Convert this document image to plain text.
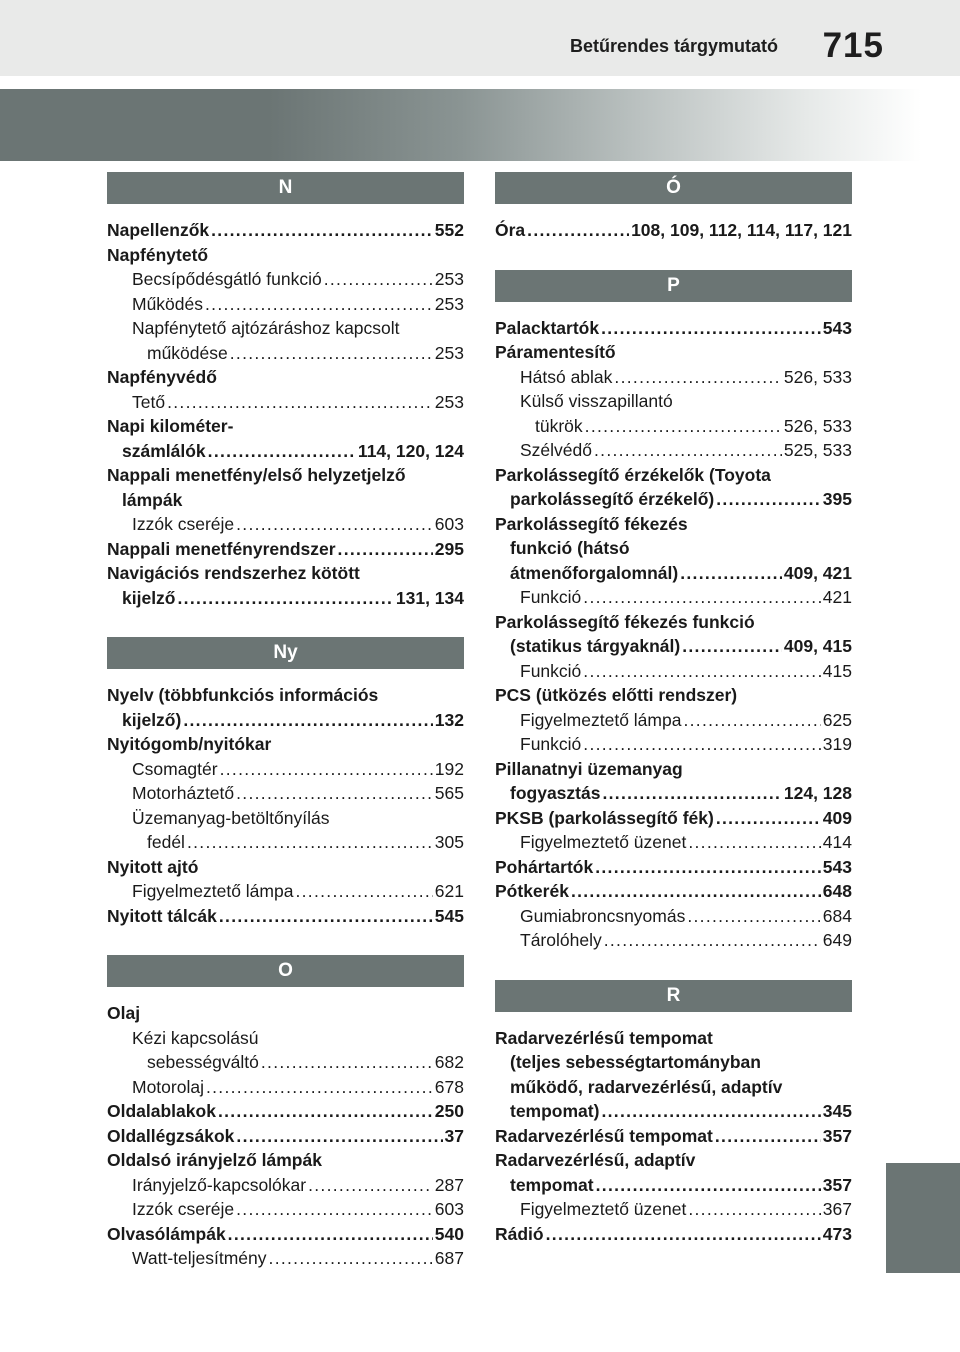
Betűrendes tárgymutató 715
N
Napellenzők .....	552
Napfénytető
Becsípődésgátló funkció .....	253
Működés .....	253
Napfénytető ajtózáráshoz kapcsolt
működése .....	253
Napfényvédő
Tető .....	253
Napi kilométer-
számlálók .....	114, 120, 124
Nappali menetfény/első helyzetjelző
lámpák
Izzók cseréje .....	603
Nappali menetfényrendszer .....	295
Navigációs rendszerhez kötött
kijelző .....	131, 134
Ny
Nyelv (többfunkciós információs
kijelző) .....	132
Nyitógomb/nyitókar
Csomagtér .....	192
Motorháztető .....	565
Üzemanyag-betöltőnyílás
fedél .....	305
Nyitott ajtó
Figyelmeztető lámpa .....	621
Nyitott tálcák .....	545
O
Olaj
Kézi kapcsolású
sebességváltó .....	682
Motorolaj .....	678
Oldalablakok .....	250
Oldallégzsákok .....	37
Oldalsó irányjelző lámpák
Irányjelző-kapcsolókar .....	287
Izzók cseréje .....	603
Olvasólámpák .....	540
Watt-teljesítmény .....	687
Ó
Óra .....	108, 109, 112, 114, 117, 121
P
Palacktartók .....	543
Páramentesítő
Hátsó ablak .....	526, 533
Külső visszapillantó
tükrök .....	526, 533
Szélvédő .....	525, 533
Parkolássegítő érzékelők (Toyota
parkolássegítő érzékelő) .....	395
Parkolássegítő fékezés
funkció (hátsó
átmenőforgalomnál) .....	409, 421
Funkció .....	421
Parkolássegítő fékezés funkció
(statikus tárgyaknál) .....	409, 415
Funkció .....	415
PCS (ütközés előtti rendszer)
Figyelmeztető lámpa .....	625
Funkció .....	319
Pillanatnyi üzemanyag
fogyasztás .....	124, 128
PKSB (parkolássegítő fék) .....	409
Figyelmeztető üzenet .....	414
Pohártartók .....	543
Pótkerék .....	648
Gumiabroncsnyomás .....	684
Tárolóhely .....	649
R
Radarvezérlésű tempomat
(teljes sebességtartományban
működő, radarvezérlésű, adaptív
tempomat) .....	345
Radarvezérlésű tempomat .....	357
Radarvezérlésű, adaptív
tempomat .....	357
Figyelmeztető üzenet .....	367
Rádió .....	473
